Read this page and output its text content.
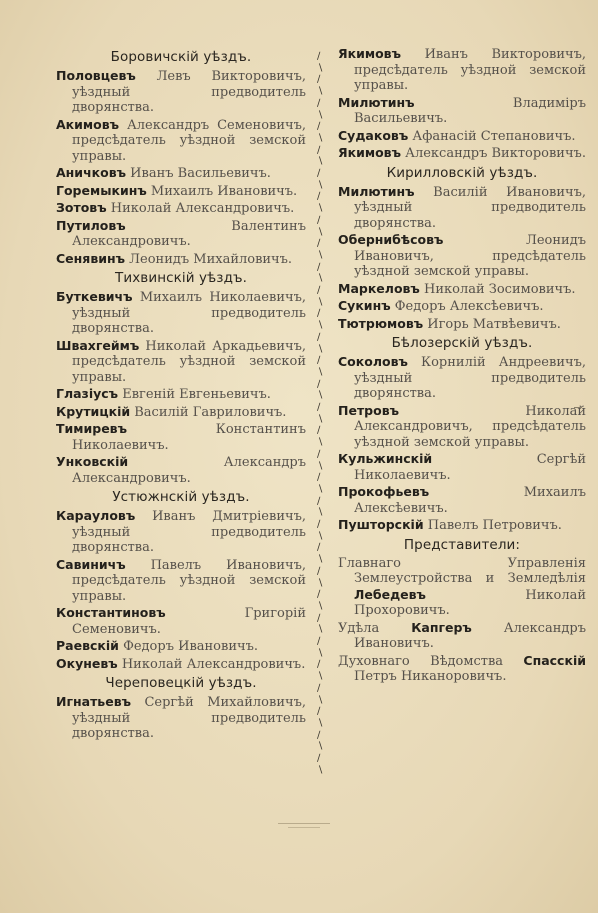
Боровичскій уѣздъ.
Половцевъ Левъ Викторовичъ, уѣздный предводитель дворянства.
Акимовъ Александръ Семеновичъ, предсѣдатель уѣздной земской управы.
Аничковъ Иванъ Васильевичъ.
Горемыкинъ Михаилъ Ивановичъ.
Зотовъ Николай Александровичъ.
Путиловъ	Валентинъ Александровичъ.
Сенявинъ Леонидъ Михайловичъ.
Тихвинскій уѣздъ.
Буткевичъ Михаилъ Николаевичъ, уѣздный предводитель дворянства.
Швахгеймъ Николай Аркадьевичъ, предсѣдатель уѣздной земской управы.
Глазіусъ Евгеній Евгеньевичъ.
Крутицкій Василій Гавриловичъ.
Тимиревъ	Константинъ Николаевичъ.
Унковскій	Александръ Александровичъ.
Устюжнскій уѣздъ.
Карауловъ Иванъ Дмитріевичъ, уѣздный предводитель дворянства.
Савиничъ Павелъ Ивановичъ, предсѣдатель уѣздной земской управы.
Константиновъ	Григорій Семеновичъ.
Раевскій Федоръ Ивановичъ.
Окуневъ Николай Александровичъ.
Череповецкій уѣздъ.
Игнатьевъ Сергѣй Михайловичъ, уѣздный предводитель дворянства.
∕
∖
∕
∖
∕
∖
∕
∖
∕
∖
∕
∖
∕
∖
∕
∖
∕
∖
∕
∖
∕
∖
∕
∖
∕
∖
∕
∖
∕
∖
∕
∖
∕
∖
∕
∖
∕
∖
∕
∖
∕
∖
∕
∖
∕
∖
∕
∖
∕
∖
∕
∖
∕
∖
∕
∖
∕
∖
∕
∖
∕
∖
Якимовъ Иванъ Викторовичъ, предсѣдатель уѣздной земской управы.
Милютинъ	Владиміръ Васильевичъ.
Судаковъ Афанасій Степановичъ.
Якимовъ Александръ Викторовичъ.
Кирилловскій уѣздъ.
Милютинъ Василій Ивановичъ, уѣздный предводитель дворянства.
Обернибѣсовъ	Леонидъ Ивановичъ, предсѣдатель уѣздной земской управы.
Маркеловъ Николай Зосимовичъ.
Сукинъ Федоръ Алексѣевичъ.
Тютрюмовъ Игорь Матвѣевичъ.
Бѣлозерскій уѣздъ.
Соколовъ Корнилій Андреевичъ, уѣздный предводитель дворянства.
Петровъ	Николай Александровичъ, предсѣдатель уѣздной земской управы.
Кульжинскій	Сергѣй Николаевичъ.
Прокофьевъ	Михаилъ Алексѣевичъ.
Пушторскій Павелъ Петровичъ.
Представители:
Главнаго Управленія Землеустройства и Земледѣлія Лебедевъ Николай Прохоровичъ.
Удѣла Капгеръ Александръ Ивановичъ.
Духовнаго Вѣдомства Спасскій Петръ Никаноровичъ.
